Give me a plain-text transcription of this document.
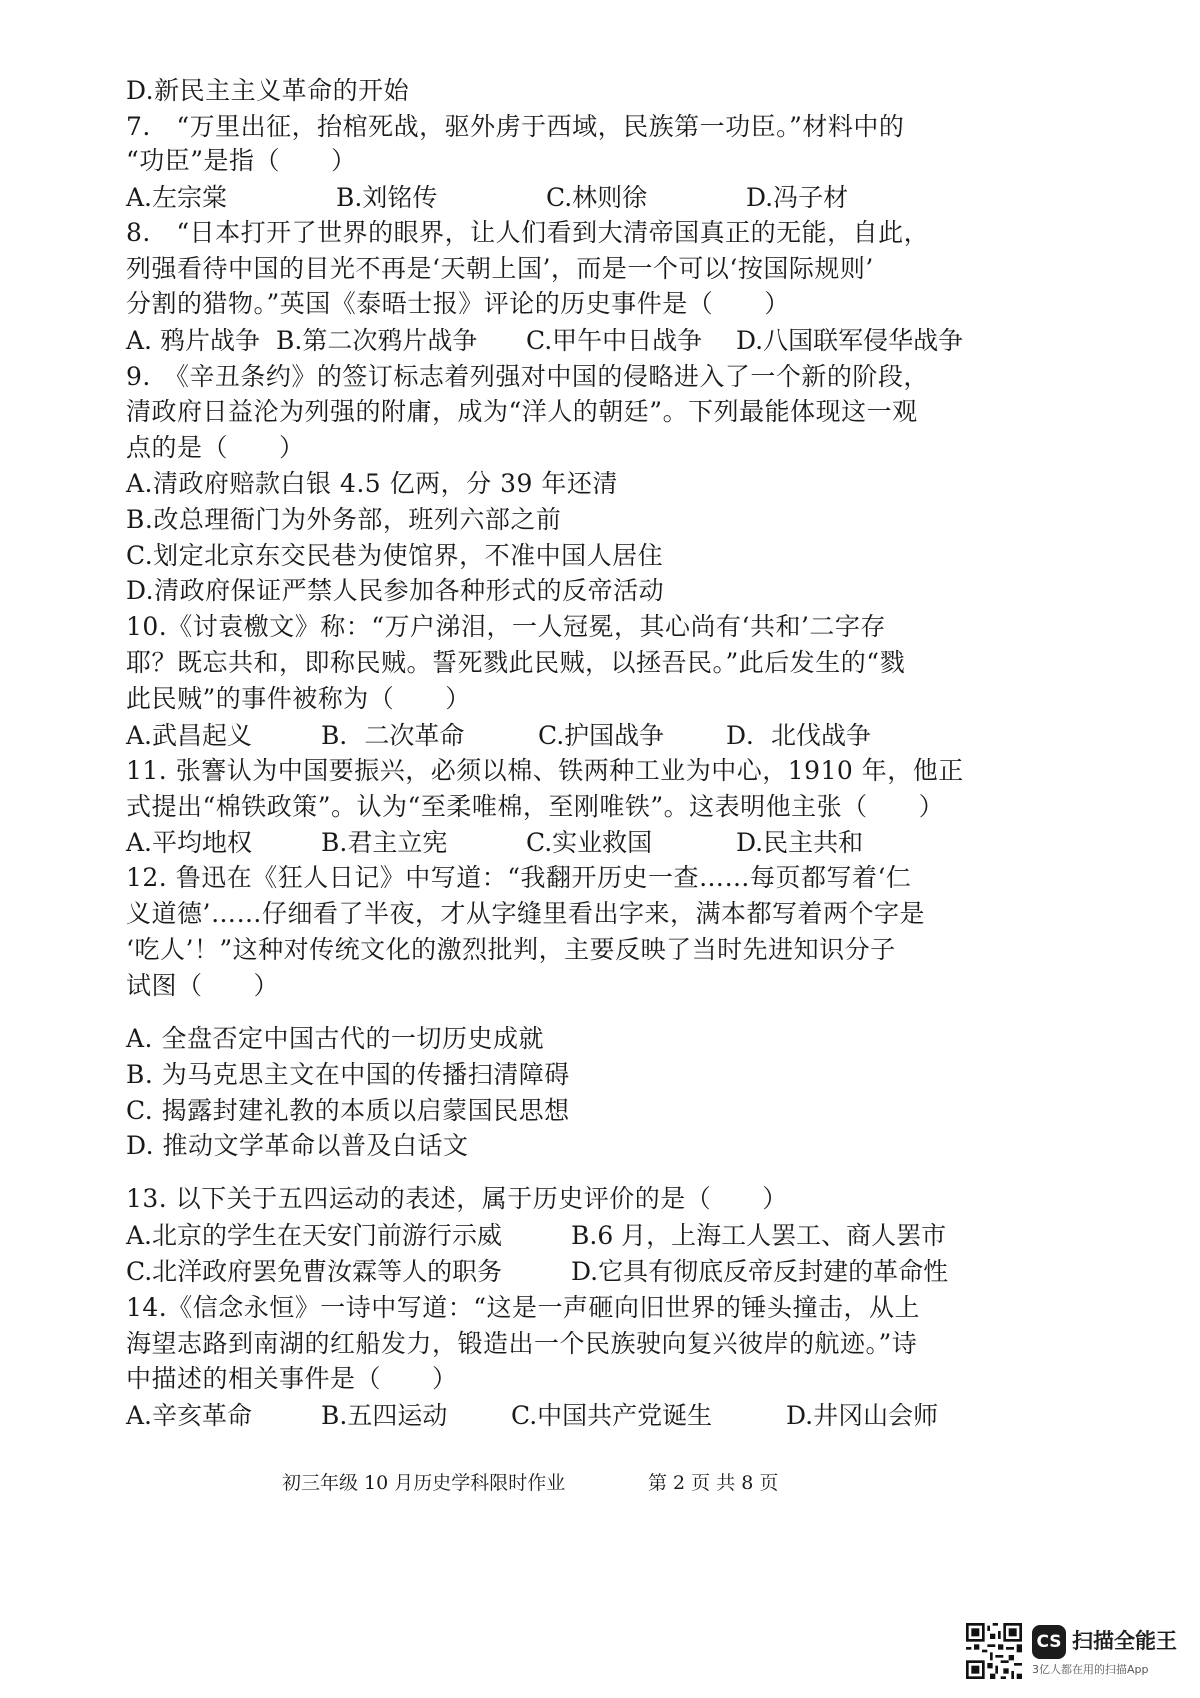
D.新民主主义革命的开始
7.　“万里出征，抬棺死战，驱外虏于西域，民族第一功臣。”材料中的
“功臣”是指（　　）
A.左宗棠	B.刘铭传	C.林则徐	D.冯子材
8.　“日本打开了世界的眼界，让人们看到大清帝国真正的无能，自此，
列强看待中国的目光不再是‘天朝上国’，而是一个可以‘按国际规则’
分割的猎物。”英国《泰晤士报》评论的历史事件是（　　）
A. 鸦片战争 B.第二次鸦片战争 C.甲午中日战争 D.八国联军侵华战争
9.　《辛丑条约》的签订标志着列强对中国的侵略进入了一个新的阶段，
清政府日益沦为列强的附庸，成为“洋人的朝廷”。下列最能体现这一观
点的是（　　）
A.清政府赔款白银 4.5 亿两，分 39 年还清
B.改总理衙门为外务部，班列六部之前
C.划定北京东交民巷为使馆界，不准中国人居住
D.清政府保证严禁人民参加各种形式的反帝活动
10.《讨袁檄文》称：“万户涕泪，一人冠冕，其心尚有‘共和’二字存
耶？既忘共和，即称民贼。誓死戮此民贼，以拯吾民。”此后发生的“戮
此民贼”的事件被称为（　　）
A.武昌起义	B．二次革命	C.护国战争 D．北伐战争
11. 张謇认为中国要振兴，必须以棉、铁两种工业为中心，1910 年，他正
式提出“棉铁政策”。认为“至柔唯棉，至刚唯铁”。这表明他主张（　　）
A.平均地权	B.君主立宪	C.实业救国	D.民主共和
12. 鲁迅在《狂人日记》中写道：“我翻开历史一查……每页都写着‘仁
义道德’……仔细看了半夜，才从字缝里看出字来，满本都写着两个字是
‘吃人’！”这种对传统文化的激烈批判，主要反映了当时先进知识分子
试图（　　）
A. 全盘否定中国古代的一切历史成就
B. 为马克思主文在中国的传播扫清障碍
C. 揭露封建礼教的本质以启蒙国民思想
D. 推动文学革命以普及白话文
13. 以下关于五四运动的表述，属于历史评价的是（　　）
A.北京的学生在天安门前游行示威	B.6 月，上海工人罢工、商人罢市
C.北洋政府罢免曹汝霖等人的职务	D.它具有彻底反帝反封建的革命性
14.《信念永恒》一诗中写道：“这是一声砸向旧世界的锤头撞击，从上
海望志路到南湖的红船发力，锻造出一个民族驶向复兴彼岸的航迹。”诗
中描述的相关事件是（　　）
A.辛亥革命	B.五四运动	C.中国共产党诞生	D.井冈山会师
初三年级 10 月历史学科限时作业	第 2 页 共 8 页
CS 扫描全能王
3亿人都在用的扫描App
